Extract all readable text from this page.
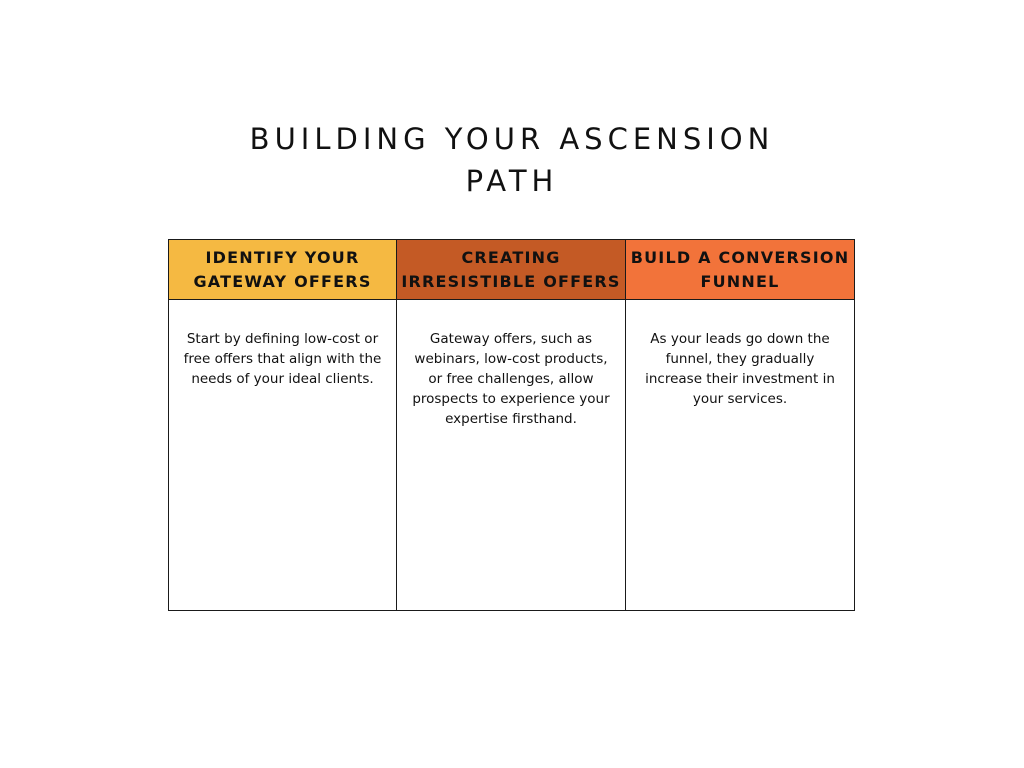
BUILDING YOUR ASCENSION
PATH
IDENTIFY YOUR GATEWAY OFFERS
CREATING IRRESISTIBLE OFFERS
BUILD A CONVERSION FUNNEL
Start by defining low-cost or free offers that align with the needs of your ideal clients.
Gateway offers, such as webinars, low-cost products, or free challenges, allow prospects to experience your expertise firsthand.
As your leads go down the funnel, they gradually increase their investment in your services.
